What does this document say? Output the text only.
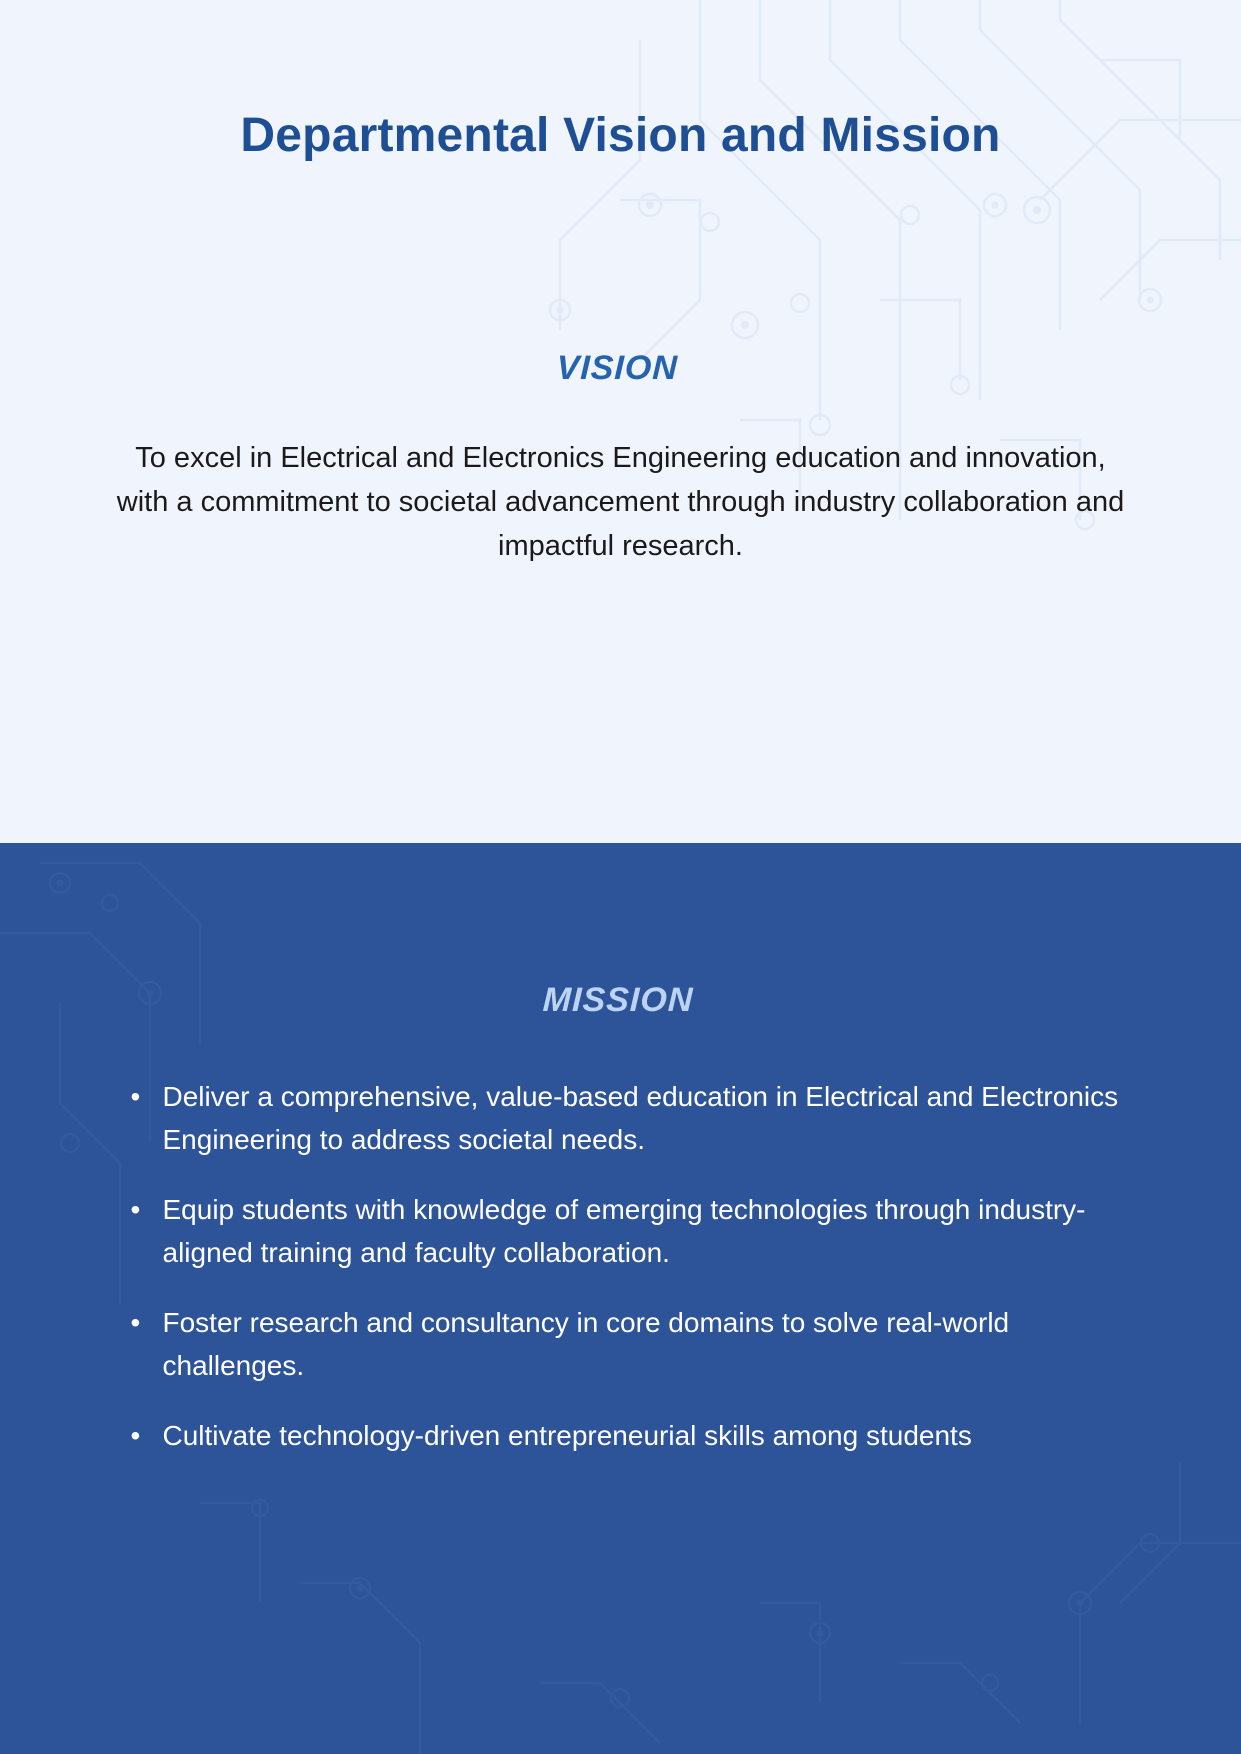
Departmental Vision and Mission
VISION

To excel in Electrical and Electronics Engineering education and innovation, with a commitment to societal advancement through industry collaboration and impactful research.

MISSION
• Deliver a comprehensive, value-based education in Electrical and Electronics Engineering to address societal needs.
• Equip students with knowledge of emerging technologies through industry- aligned training and faculty collaboration.
• Foster research and consultancy in core domains to solve real-world challenges.
• Cultivate technology-driven entrepreneurial skills among students
